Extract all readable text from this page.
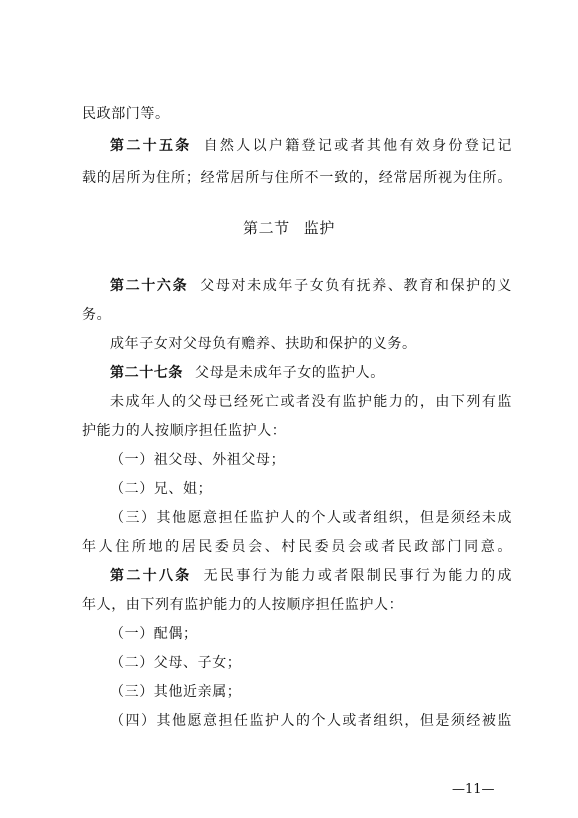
民政部门等。
第二十五条 自然人以户籍登记或者其他有效身份登记记
载的居所为住所；经常居所与住所不一致的，经常居所视为住所。
第二节 监护
第二十六条 父母对未成年子女负有抚养、教育和保护的义
务。
成年子女对父母负有赡养、扶助和保护的义务。
第二十七条 父母是未成年子女的监护人。
未成年人的父母已经死亡或者没有监护能力的，由下列有监
护能力的人按顺序担任监护人：
（一）祖父母、外祖父母；
（二）兄、姐；
（三）其他愿意担任监护人的个人或者组织，但是须经未成
年人住所地的居民委员会、村民委员会或者民政部门同意。
第二十八条 无民事行为能力或者限制民事行为能力的成
年人，由下列有监护能力的人按顺序担任监护人：
（一）配偶；
（二）父母、子女；
（三）其他近亲属；
（四）其他愿意担任监护人的个人或者组织，但是须经被监
—11—
